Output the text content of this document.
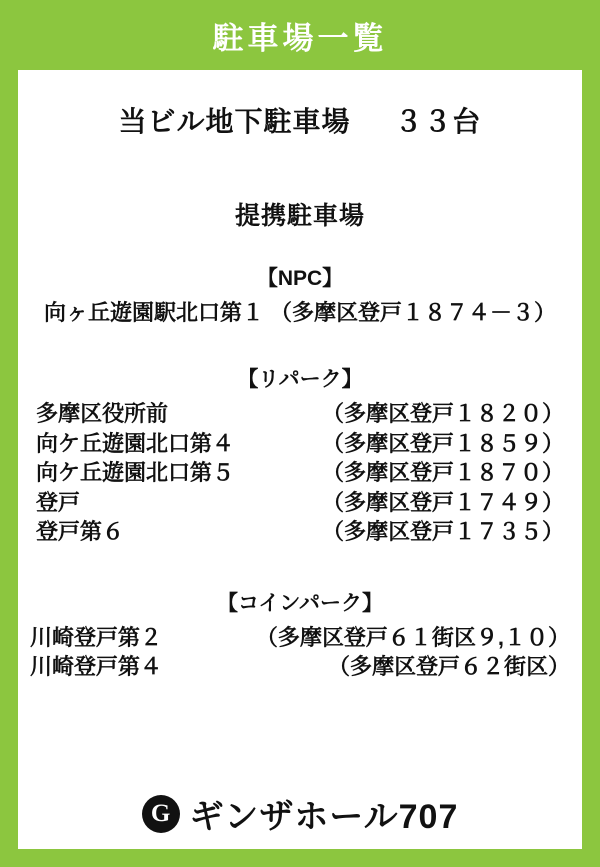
駐車場一覧
当ビル地下駐車場 ３３台
提携駐車場
【NPC】
向ヶ丘遊園駅北口第１ （多摩区登戸１８７４－３）
【リパーク】
多摩区役所前	（多摩区登戸１８２０）
向ケ丘遊園北口第４	（多摩区登戸１８５９）
向ケ丘遊園北口第５	（多摩区登戸１８７０）
登戸	（多摩区登戸１７４９）
登戸第６	（多摩区登戸１７３５）
【コインパーク】
川崎登戸第２	（多摩区登戸６１街区９,１０）
川崎登戸第４	（多摩区登戸６２街区）
G ギンザホール707
